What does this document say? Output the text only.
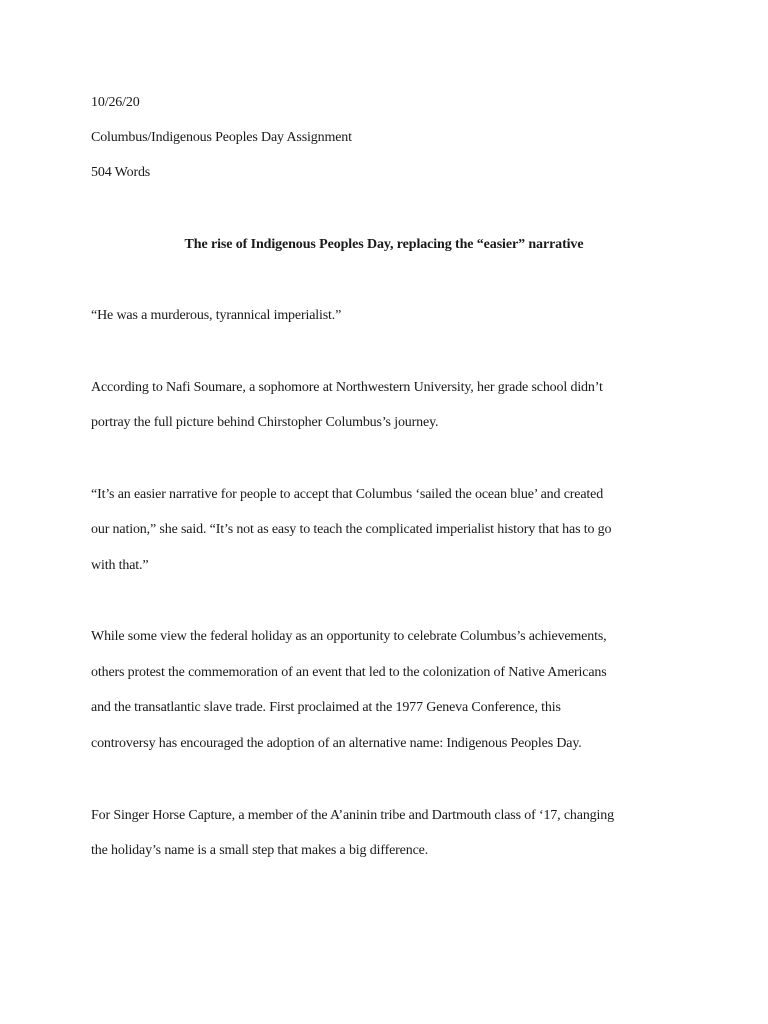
10/26/20
Columbus/Indigenous Peoples Day Assignment
504 Words
The rise of Indigenous Peoples Day, replacing the “easier” narrative
“He was a murderous, tyrannical imperialist.”
According to Nafi Soumare, a sophomore at Northwestern University, her grade school didn’t
portray the full picture behind Chirstopher Columbus’s journey.
“It’s an easier narrative for people to accept that Columbus ‘sailed the ocean blue’ and created
our nation,” she said. “It’s not as easy to teach the complicated imperialist history that has to go
with that.”
While some view the federal holiday as an opportunity to celebrate Columbus’s achievements,
others protest the commemoration of an event that led to the colonization of Native Americans
and the transatlantic slave trade. First proclaimed at the 1977 Geneva Conference, this
controversy has encouraged the adoption of an alternative name: Indigenous Peoples Day.
For Singer Horse Capture, a member of the A’aninin tribe and Dartmouth class of ‘17, changing
the holiday’s name is a small step that makes a big difference.
